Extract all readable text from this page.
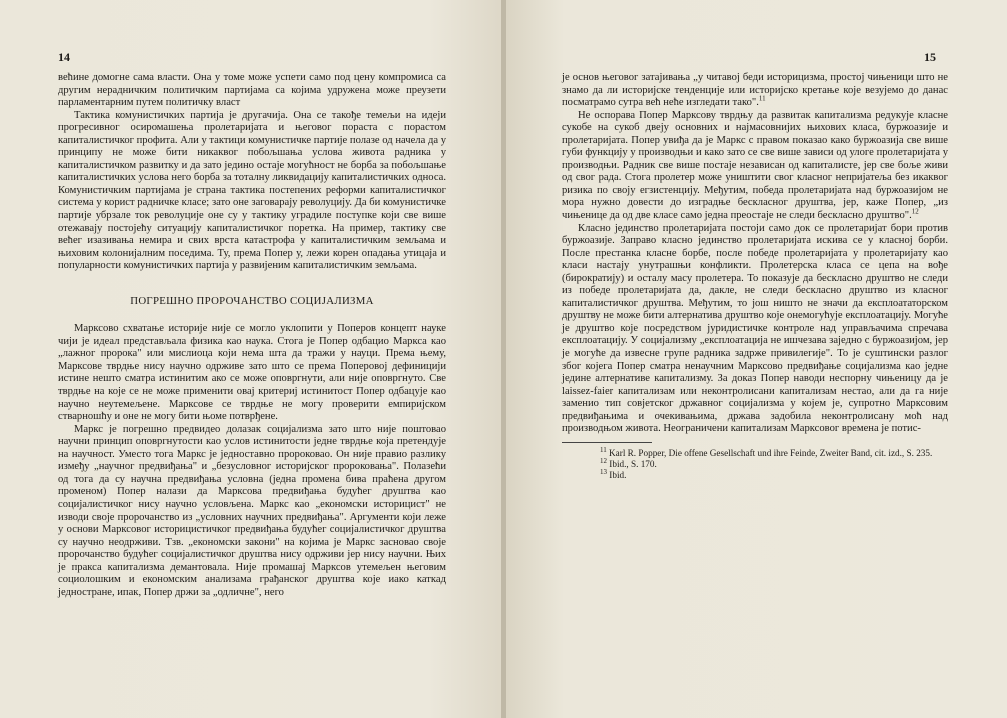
14

већине домогне сама власти. Она у томе може успети само под цену компромиса са другим нерадничким политичким партијама са којима удружена може преузети парламентарним путем политичку власт

Тактика комунистичких партија је другачија. Она се такође темељи на идеји прогресивног осиромашења пролетаријата и његовог пораста с порастом капиталистичког профита. Али у тактици комунистичке партије полазе од начела да у принципу не може бити никаквог побољшања услова живота радника у капиталистичком развитку и да зато једино остаје могућност не борба за побољшање капиталистичких услова него борба за тоталну ликвидацију капиталистичких односа. Комунистичким партијама је страна тактика постепених реформи капиталистичког система у корист радничке класе; зато оне заговарају револуцију. Да би комунистичке партије убрзале ток револуције оне су у тактику уградиле поступке који све више отежавају постојећу ситуацију капиталистичког поретка. На пример, тактику све већег изазивања немира и свих врста катастрофа у капиталистичким земљама и њиховим колонијалним поседима. Ту, према Попер у, лежи корен опадања утицаја и популарности комунистичких партија у развијеним капиталистичким земљама.

ПОГРЕШНО ПРОРОЧАНСТВО СОЦИЈАЛИЗМА

Марксово схватање историје није се могло уклопити у Поперов концепт науке чији је идеал представљала физика као наука. Стога је Попер одбацио Маркса као „лажног пророка" или мислиоца који нема шта да тражи у науци. Према њему, Марксове тврдње нису научно одрживе зато што се према Поперовој дефиницији истине нешто сматра истинитим ако се може оповргнути, али није оповргнуто. Све тврдње на које се не може применити овај критериј истинитост Попер одбацује као научно неутемељене. Марксове се тврдње не могу проверити емпиријском стварношћу и оне не могу бити њоме потврђене.

Маркс је погрешно предвидео долазак социјализма зато што није поштовао научни принцип оповргнутости као услов истинитости једне тврдње која претендује на научност. Уместо тога Маркс је једноставно пророковао. Он није правио разлику између „научног предвиђања" и „безусловног историјског пророковања". Полазећи од тога да су научна предвиђања условна (једна промена бива праћена другом променом) Попер налази да Марксова предвиђања будућег друштва као социјалистичког нису научно условљена. Маркс као „економски историцист" не изводи своје пророчанство из „условних научних предвиђања". Аргументи који леже у основи Марксовог историцистичког предвиђања будућег социјалистичког друштва су научно неодрживи. Тзв. „економски закони" на којима је Маркс засновао своје пророчанство будућег социјалистичког друштва нису одрживи јер нису научни. Њих је пракса капитализма демантовала. Није промашај Марксов утемељен његовим социолошким и економским анализама грађанског друштва које иако каткад једностране, ипак, Попер држи за „одличне", него

15

је основ његовог затајивања „у читавој беди историцизма, простој чињеници што не знамо да ли историјске тенденције или историјско кретање које везујемо до данас посматрамо сутра већ неће изгледати тако".$^{11}$

Не оспорава Попер Марксову тврдњу да развитак капитализма редукује класне сукобе на сукоб двеју основних и најмасовнијих њихових класа, буржоазије и пролетаријата. Попер увиђа да је Маркс с правом показао како буржоазија све више губи функцију у производњи и како зато се све више зависи од улоге пролетаријата у производњи. Радник све више постаје независан од капиталисте, јер све боље живи од свог рада. Стога пролетер може уништити свог класног непријатеља без икаквог ризика по своју егзистенцију. Међутим, победа пролетаријата над буржоазијом не мора нужно довести до изградње бескласног друштва, јер, каже Попер, „из чињенице да од две класе само једна преостаје не следи бескласно друштво".$^{12}$

Класно јединство пролетаријата постоји само док се пролетаријат бори против буржоазије. Заправо класно јединство пролетаријата искива се у класној борби. После престанка класне борбе, после победе пролетаријата у пролетаријату као класи настају унутрашњи конфликти. Пролетерска класа се цепа на вође (бирократију) и осталу масу пролетера. То показује да бескласно друштво не следи из победе пролетаријата да, дакле, не следи бескласно друштво из класног капиталистичког друштва. Међутим, то још ништо не значи да експлоататорском друштву не може бити алтернатива друштво које онемогућује експлоатацију. Могуће је друштво које посредством јуридистичке контроле над управљачима спречава експлоатацију. У социјализму „експлоатација не ишчезава заједно с буржоазијом, јер је могуће да извесне групе радника задрже привилегије". То је суштински разлог због којега Попер сматра ненаучним Марксово предвиђање социјализма као једне једине алтернативе капитализму. За доказ Попер наводи неспорну чињеницу да је laissez-faier капитализам или неконтролисани капитализам нестао, али да га није заменио тип совјетског државног социјализма у којем је, супротно Марксовим предвиђањима и очекивањима, држава задобила неконтролисану моћ над производњом живота. Неограничени капитализам Марксовог времена је потис-

$^{11}$ Karl R. Popper, Die offene Gesellschaft und ihre Feinde, Zweiter Band, cit. izd., S. 235.

$^{12}$ Ibid., S. 170.

$^{13}$ Ibid.
